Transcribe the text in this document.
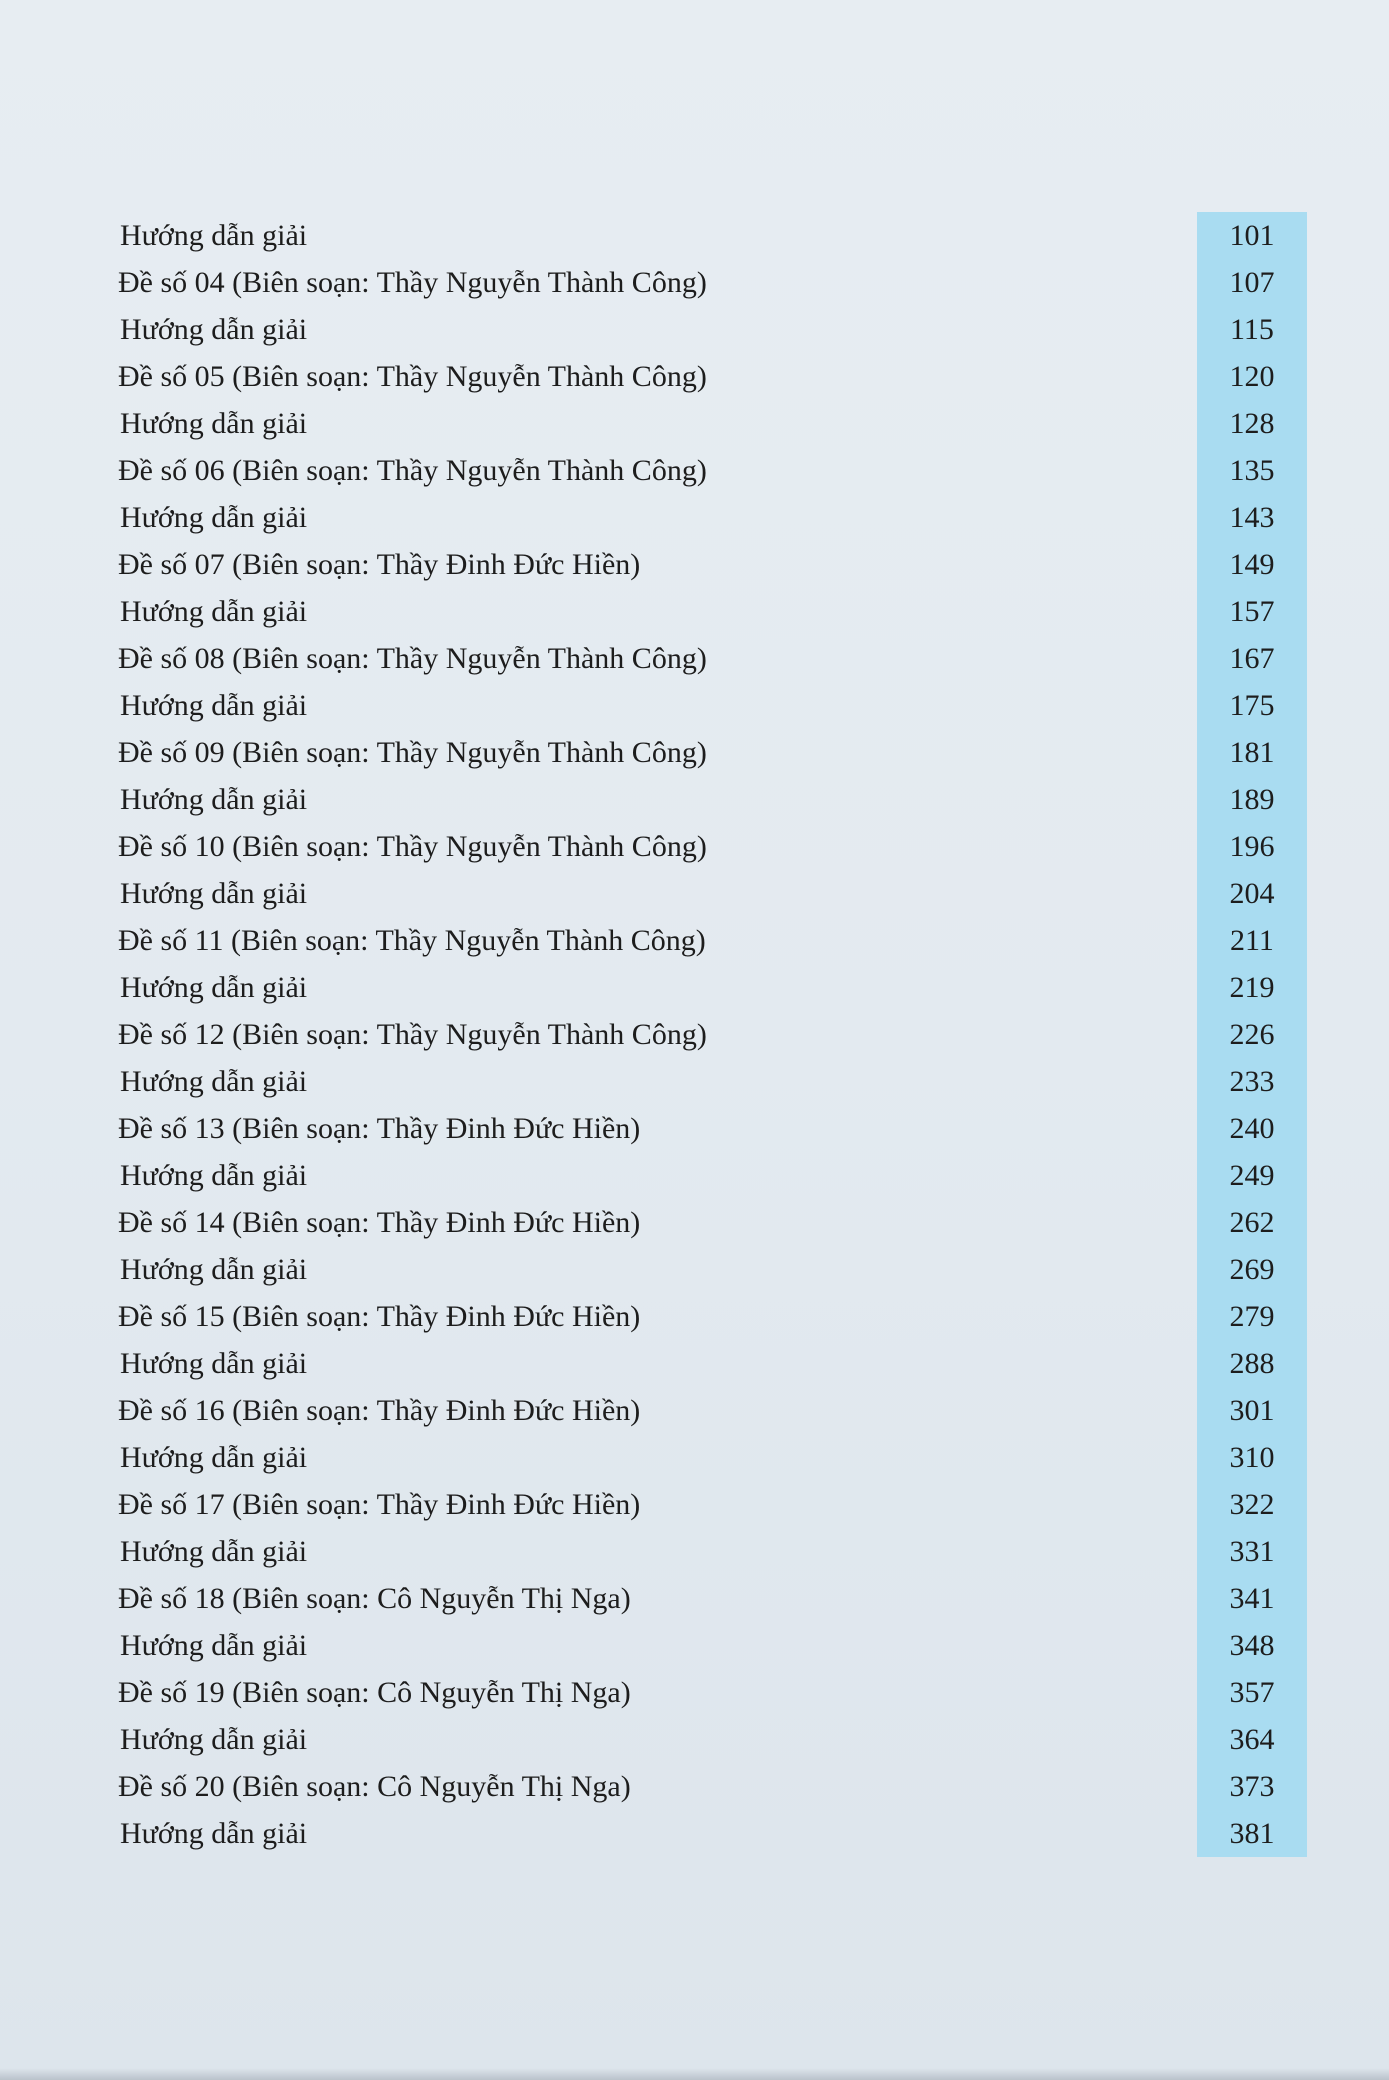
Hướng dẫn giải	101
Đề số 04 (Biên soạn: Thầy Nguyễn Thành Công)	107
Hướng dẫn giải	115
Đề số 05 (Biên soạn: Thầy Nguyễn Thành Công)	120
Hướng dẫn giải	128
Đề số 06 (Biên soạn: Thầy Nguyễn Thành Công)	135
Hướng dẫn giải	143
Đề số 07 (Biên soạn: Thầy Đinh Đức Hiền)	149
Hướng dẫn giải	157
Đề số 08 (Biên soạn: Thầy Nguyễn Thành Công)	167
Hướng dẫn giải	175
Đề số 09 (Biên soạn: Thầy Nguyễn Thành Công)	181
Hướng dẫn giải	189
Đề số 10 (Biên soạn: Thầy Nguyễn Thành Công)	196
Hướng dẫn giải	204
Đề số 11 (Biên soạn: Thầy Nguyễn Thành Công)	211
Hướng dẫn giải	219
Đề số 12 (Biên soạn: Thầy Nguyễn Thành Công)	226
Hướng dẫn giải	233
Đề số 13 (Biên soạn: Thầy Đinh Đức Hiền)	240
Hướng dẫn giải	249
Đề số 14 (Biên soạn: Thầy Đinh Đức Hiền)	262
Hướng dẫn giải	269
Đề số 15 (Biên soạn: Thầy Đinh Đức Hiền)	279
Hướng dẫn giải	288
Đề số 16 (Biên soạn: Thầy Đinh Đức Hiền)	301
Hướng dẫn giải	310
Đề số 17 (Biên soạn: Thầy Đinh Đức Hiền)	322
Hướng dẫn giải	331
Đề số 18 (Biên soạn: Cô Nguyễn Thị Nga)	341
Hướng dẫn giải	348
Đề số 19 (Biên soạn: Cô Nguyễn Thị Nga)	357
Hướng dẫn giải	364
Đề số 20 (Biên soạn: Cô Nguyễn Thị Nga)	373
Hướng dẫn giải	381
